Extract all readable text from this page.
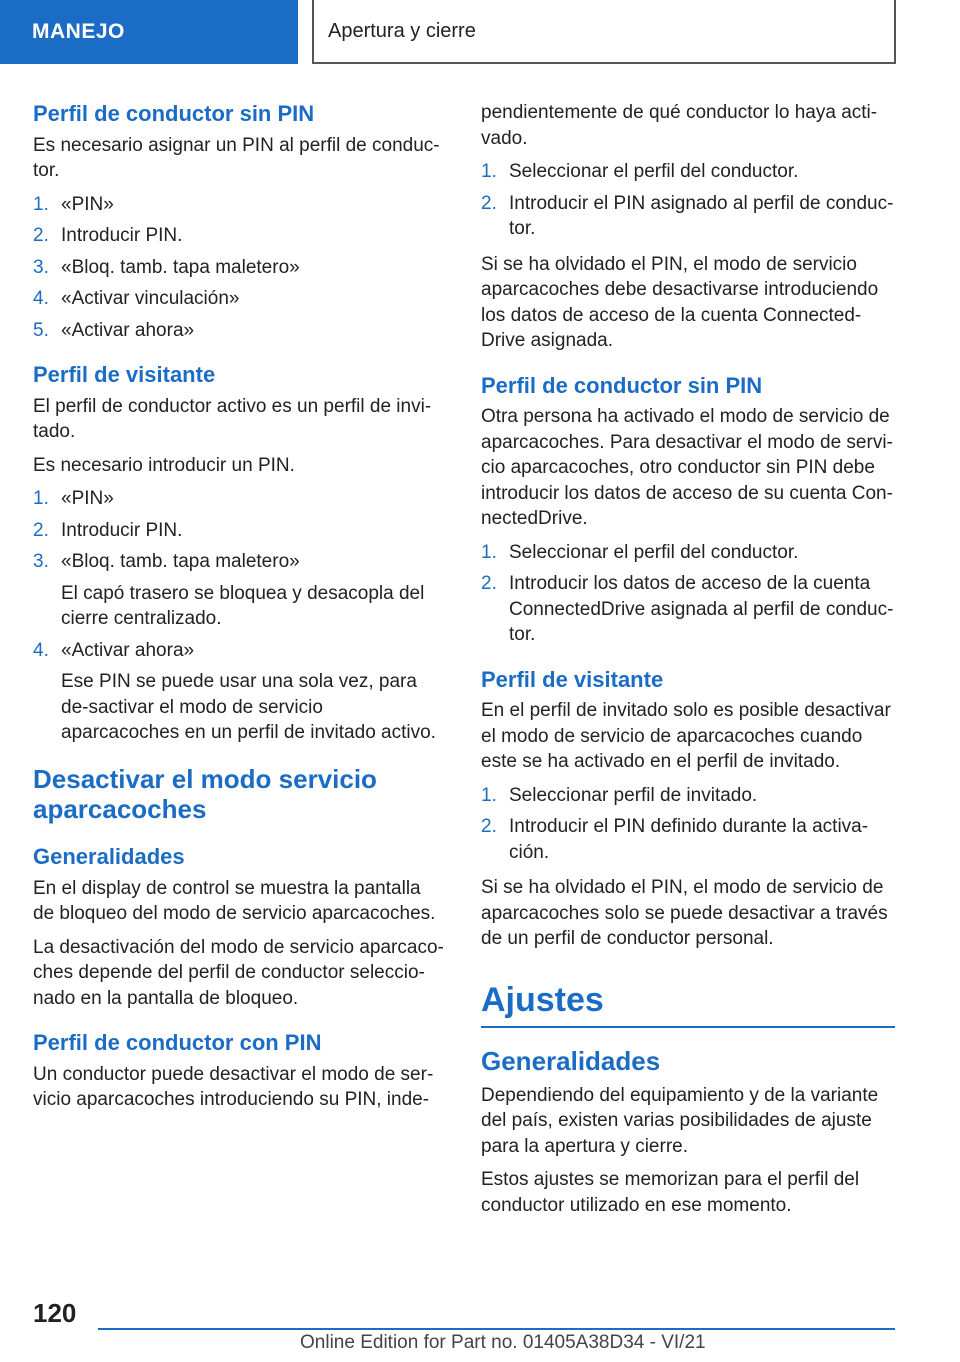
MANEJO	Apertura y cierre
Perfil de conductor sin PIN

Es necesario asignar un PIN al perfil de conduc-tor.

1. «PIN»
2. Introducir PIN.
3. «Bloq. tamb. tapa maletero»
4. «Activar vinculación»
5. «Activar ahora»
Perfil de visitante

El perfil de conductor activo es un perfil de invi-tado.

Es necesario introducir un PIN.

1. «PIN»
2. Introducir PIN.
3. «Bloq. tamb. tapa maletero»
El capó trasero se bloquea y desacopla del cierre centralizado.
4. «Activar ahora»
Ese PIN se puede usar una sola vez, para de-sactivar el modo de servicio aparcacoches en un perfil de invitado activo.
Desactivar el modo servicio aparcacoches
Generalidades

En el display de control se muestra la pantalla de bloqueo del modo de servicio aparcacoches.

La desactivación del modo de servicio aparcaco-ches depende del perfil de conductor seleccio-nado en la pantalla de bloqueo.

Perfil de conductor con PIN

Un conductor puede desactivar el modo de ser-vicio aparcacoches introduciendo su PIN, inde-

pendientemente de qué conductor lo haya acti-vado.

1. Seleccionar el perfil del conductor.
2. Introducir el PIN asignado al perfil de conduc-tor.

Si se ha olvidado el PIN, el modo de servicio aparcacoches debe desactivarse introduciendo los datos de acceso de la cuenta Connected-Drive asignada.

Perfil de conductor sin PIN

Otra persona ha activado el modo de servicio de aparcacoches. Para desactivar el modo de servi-cio aparcacoches, otro conductor sin PIN debe introducir los datos de acceso de su cuenta Con-nectedDrive.

1. Seleccionar el perfil del conductor.
2. Introducir los datos de acceso de la cuenta ConnectedDrive asignada al perfil de conduc-tor.
Perfil de visitante

En el perfil de invitado solo es posible desactivar el modo de servicio de aparcacoches cuando este se ha activado en el perfil de invitado.

1. Seleccionar perfil de invitado.
2. Introducir el PIN definido durante la activa-ción.

Si se ha olvidado el PIN, el modo de servicio de aparcacoches solo se puede desactivar a través de un perfil de conductor personal.

Ajustes
Generalidades

Dependiendo del equipamiento y de la variante del país, existen varias posibilidades de ajuste para la apertura y cierre.

Estos ajustes se memorizan para el perfil del conductor utilizado en ese momento.

120
Online Edition for Part no. 01405A38D34 - VI/21
